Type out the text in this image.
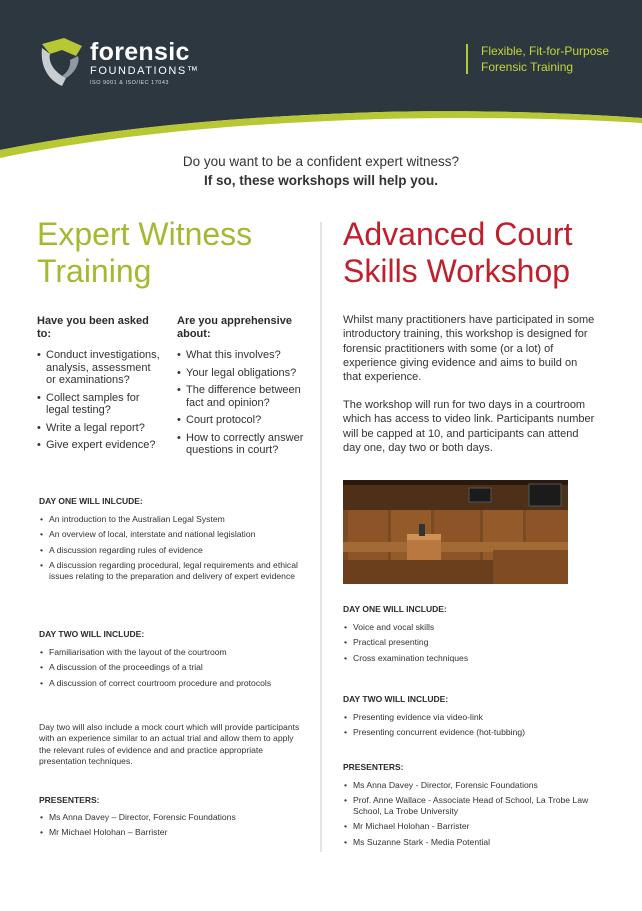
forensic
FOUNDATIONS™
ISO 9001 & ISO/IEC 17043
Flexible, Fit-for-Purpose
Forensic Training
Do you want to be a confident expert witness?
If so, these workshops will help you.
Expert Witness
Training
Have you been asked to:
• Conduct investigations, analysis, assessment or examinations?
• Collect samples for legal testing?
• Write a legal report?
• Give expert evidence?
Are you apprehensive about:
• What this involves?
• Your legal obligations?
• The difference between fact and opinion?
• Court protocol?
• How to correctly answer questions in court?
DAY ONE WILL INLCUDE:
• An introduction to the Australian Legal System
• An overview of local, interstate and national legislation
• A discussion regarding rules of evidence
• A discussion regarding procedural, legal requirements and ethical issues relating to the preparation and delivery of expert evidence
DAY TWO WILL INCLUDE:
• Familiarisation with the layout of the courtroom
• A discussion of the proceedings of a trial
• A discussion of correct courtroom procedure and protocols
Day two will also include a mock court which will provide participants with an experience similar to an actual trial and allow them to apply the relevant rules of evidence and and practice appropriate presentation techniques.
PRESENTERS:
• Ms Anna Davey – Director, Forensic Foundations
• Mr Michael Holohan – Barrister
Advanced Court
Skills Workshop
Whilst many practitioners have participated in some introductory training, this workshop is designed for forensic practitioners with some (or a lot) of experience giving evidence and aims to build on that experience.
The workshop will run for two days in a courtroom which has access to video link. Participants number will be capped at 10, and participants can attend day one, day two or both days.
DAY ONE WILL INCLUDE:
• Voice and vocal skills
• Practical presenting
• Cross examination techniques
DAY TWO WILL INCLUDE:
• Presenting evidence via video-link
• Presenting concurrent evidence (hot-tubbing)
PRESENTERS:
• Ms Anna Davey - Director, Forensic Foundations
• Prof. Anne Wallace - Associate Head of School, La Trobe Law School, La Trobe University
• Mr Michael Holohan - Barrister
• Ms Suzanne Stark - Media Potential
